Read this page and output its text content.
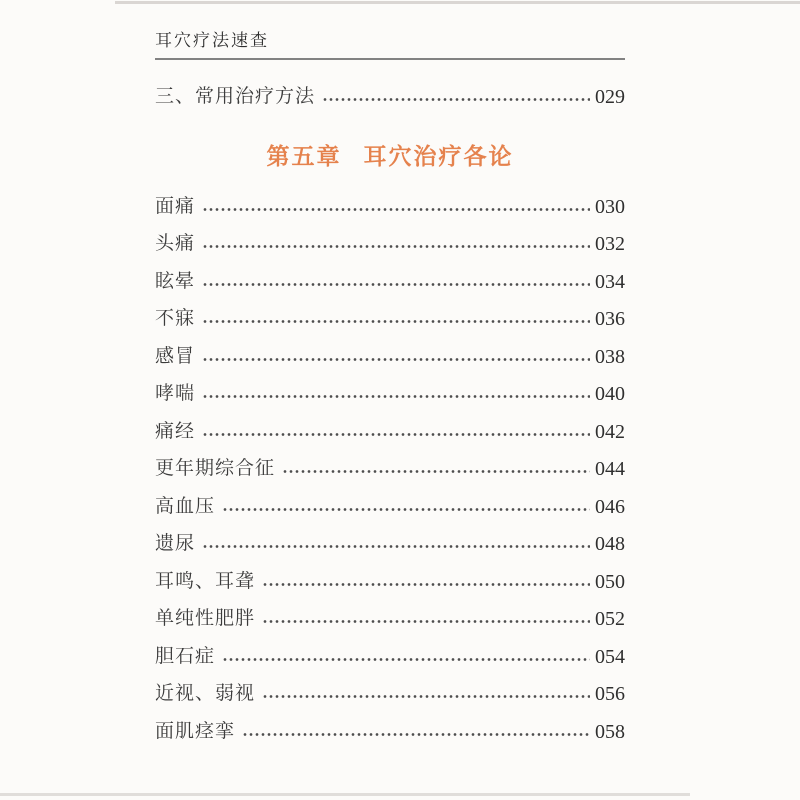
耳穴疗法速查
三、常用治疗方法	029
第五章 耳穴治疗各论
面痛	030
头痛	032
眩晕	034
不寐	036
感冒	038
哮喘	040
痛经	042
更年期综合征	044
高血压	046
遗尿	048
耳鸣、耳聋	050
单纯性肥胖	052
胆石症	054
近视、弱视	056
面肌痉挛	058
